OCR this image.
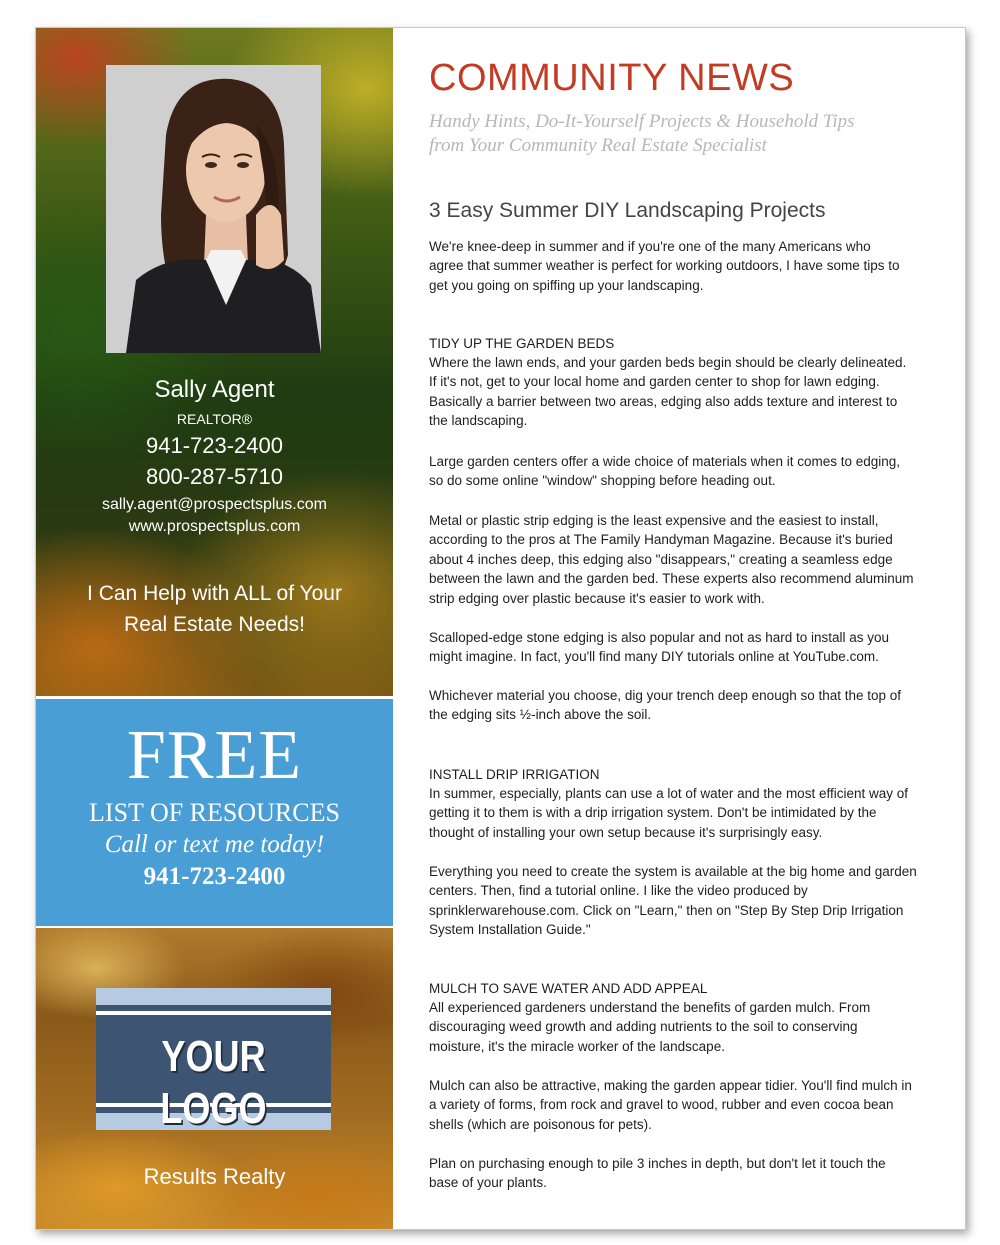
Sally Agent
REALTOR®
941-723-2400
800-287-5710
sally.agent@prospectsplus.com
www.prospectsplus.com
I Can Help with ALL of Your
Real Estate Needs!
FREE
LIST OF RESOURCES
Call or text me today!
941-723-2400
YOUR LOGO
Results Realty
COMMUNITY NEWS
Handy Hints, Do-It-Yourself Projects & Household Tips
from Your Community Real Estate Specialist
3 Easy Summer DIY Landscaping Projects
We're knee-deep in summer and if you're one of the many Americans who
agree that summer weather is perfect for working outdoors, I have some tips to
get you going on spiffing up your landscaping.
TIDY UP THE GARDEN BEDS
Where the lawn ends, and your garden beds begin should be clearly delineated.
If it's not, get to your local home and garden center to shop for lawn edging.
Basically a barrier between two areas, edging also adds texture and interest to
the landscaping.
Large garden centers offer a wide choice of materials when it comes to edging,
so do some online "window" shopping before heading out.
Metal or plastic strip edging is the least expensive and the easiest to install,
according to the pros at The Family Handyman Magazine. Because it's buried
about 4 inches deep, this edging also "disappears," creating a seamless edge
between the lawn and the garden bed. These experts also recommend aluminum
strip edging over plastic because it's easier to work with.
Scalloped-edge stone edging is also popular and not as hard to install as you
might imagine. In fact, you'll find many DIY tutorials online at YouTube.com.
Whichever material you choose, dig your trench deep enough so that the top of
the edging sits ½-inch above the soil.
INSTALL DRIP IRRIGATION
In summer, especially, plants can use a lot of water and the most efficient way of
getting it to them is with a drip irrigation system. Don't be intimidated by the
thought of installing your own setup because it's surprisingly easy.
Everything you need to create the system is available at the big home and garden
centers. Then, find a tutorial online. I like the video produced by
sprinklerwarehouse.com. Click on "Learn," then on "Step By Step Drip Irrigation
System Installation Guide."
MULCH TO SAVE WATER AND ADD APPEAL
All experienced gardeners understand the benefits of garden mulch. From
discouraging weed growth and adding nutrients to the soil to conserving
moisture, it's the miracle worker of the landscape.
Mulch can also be attractive, making the garden appear tidier. You'll find mulch in
a variety of forms, from rock and gravel to wood, rubber and even cocoa bean
shells (which are poisonous for pets).
Plan on purchasing enough to pile 3 inches in depth, but don't let it touch the
base of your plants.
